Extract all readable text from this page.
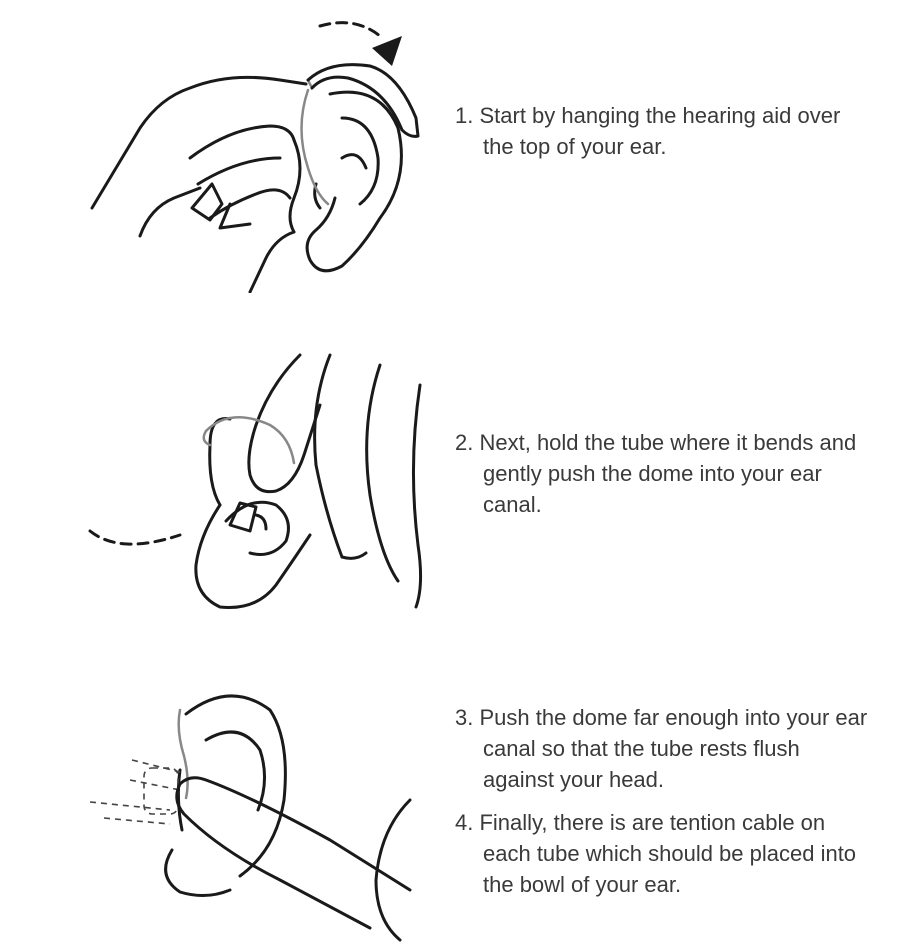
1. Start by hanging the hearing aid over the top of your ear.
2. Next, hold the tube where it bends and gently push the dome into your ear canal.
3. Push the dome far enough into your ear canal so that the tube rests flush against your head.
4. Finally, there is are tention cable on each tube which should be placed into the bowl of your ear.
